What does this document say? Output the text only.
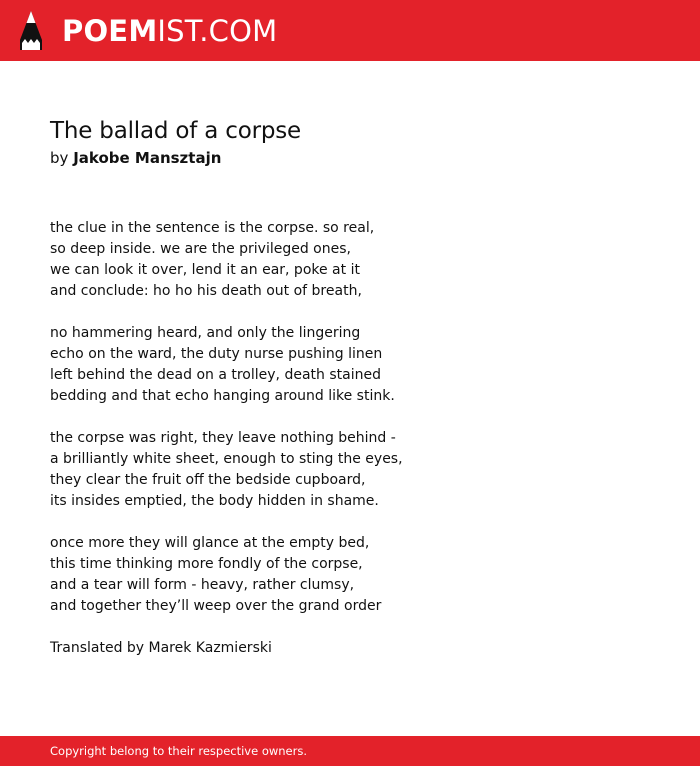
POEM IST.COM
The ballad of a corpse
by Jakobe Mansztajn
the clue in the sentence is the corpse. so real,
so deep inside. we are the privileged ones,
we can look it over, lend it an ear, poke at it
and conclude: ho ho his death out of breath,
no hammering heard, and only the lingering
echo on the ward, the duty nurse pushing linen
left behind the dead on a trolley, death stained
bedding and that echo hanging around like stink.
the corpse was right, they leave nothing behind -
a brilliantly white sheet, enough to sting the eyes,
they clear the fruit off the bedside cupboard,
its insides emptied, the body hidden in shame.
once more they will glance at the empty bed,
this time thinking more fondly of the corpse,
and a tear will form - heavy, rather clumsy,
and together they’ll weep over the grand order
Translated by Marek Kazmierski
Copyright belong to their respective owners.
